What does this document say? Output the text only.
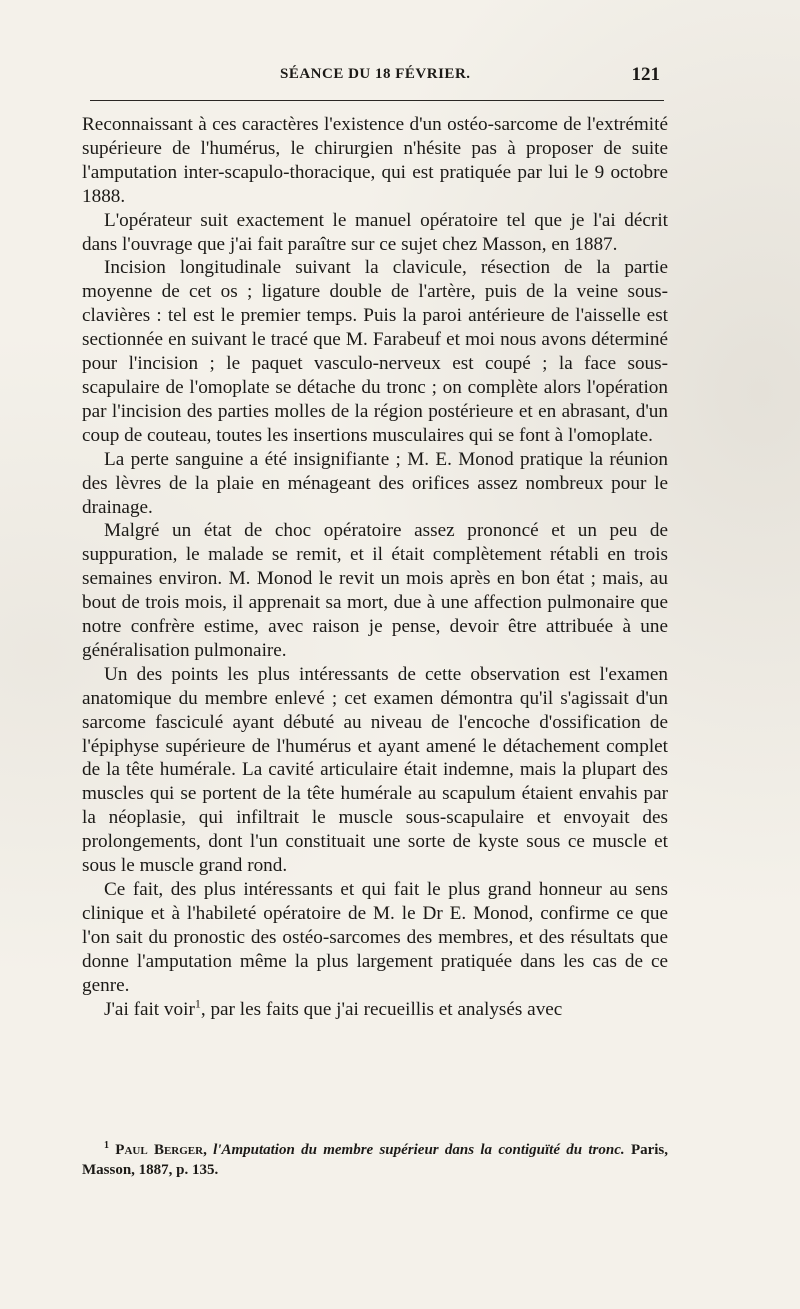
SÉANCE DU 18 FÉVRIER.	121

Reconnaissant à ces caractères l'existence d'un ostéo-sarcome de l'extrémité supérieure de l'humérus, le chirurgien n'hésite pas à proposer de suite l'amputation inter-scapulo-thoracique, qui est pratiquée par lui le 9 octobre 1888.

L'opérateur suit exactement le manuel opératoire tel que je l'ai décrit dans l'ouvrage que j'ai fait paraître sur ce sujet chez Masson, en 1887.

Incision longitudinale suivant la clavicule, résection de la partie moyenne de cet os ; ligature double de l'artère, puis de la veine sous-clavières : tel est le premier temps. Puis la paroi antérieure de l'aisselle est sectionnée en suivant le tracé que M. Farabeuf et moi nous avons déterminé pour l'incision ; le paquet vasculo-nerveux est coupé ; la face sous-scapulaire de l'omoplate se détache du tronc ; on complète alors l'opération par l'incision des parties molles de la région postérieure et en abrasant, d'un coup de couteau, toutes les insertions musculaires qui se font à l'omoplate.

La perte sanguine a été insignifiante ; M. E. Monod pratique la réunion des lèvres de la plaie en ménageant des orifices assez nombreux pour le drainage.

Malgré un état de choc opératoire assez prononcé et un peu de suppuration, le malade se remit, et il était complètement rétabli en trois semaines environ. M. Monod le revit un mois après en bon état ; mais, au bout de trois mois, il apprenait sa mort, due à une affection pulmonaire que notre confrère estime, avec raison je pense, devoir être attribuée à une généralisation pulmonaire.

Un des points les plus intéressants de cette observation est l'examen anatomique du membre enlevé ; cet examen démontra qu'il s'agissait d'un sarcome fasciculé ayant débuté au niveau de l'encoche d'ossification de l'épiphyse supérieure de l'humérus et ayant amené le détachement complet de la tête humérale. La cavité articulaire était indemne, mais la plupart des muscles qui se portent de la tête humérale au scapulum étaient envahis par la néoplasie, qui infiltrait le muscle sous-scapulaire et envoyait des prolongements, dont l'un constituait une sorte de kyste sous ce muscle et sous le muscle grand rond.

Ce fait, des plus intéressants et qui fait le plus grand honneur au sens clinique et à l'habileté opératoire de M. le Dr E. Monod, confirme ce que l'on sait du pronostic des ostéo-sarcomes des membres, et des résultats que donne l'amputation même la plus largement pratiquée dans les cas de ce genre.

J'ai fait voir$^1$, par les faits que j'ai recueillis et analysés avec

$^1$ Paul Berger, l'Amputation du membre supérieur dans la contiguïté du tronc. Paris, Masson, 1887, p. 135.
